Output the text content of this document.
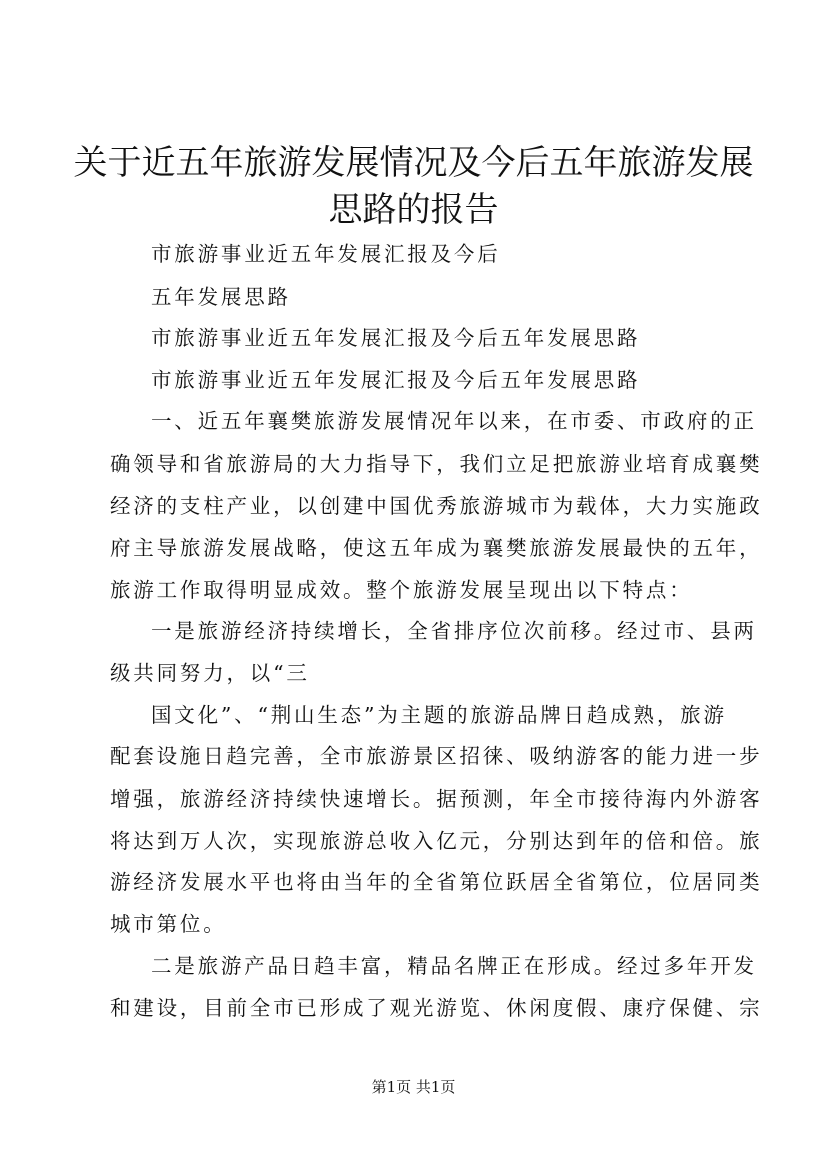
关于近五年旅游发展情况及今后五年旅游发展
思路的报告
市旅游事业近五年发展汇报及今后
五年发展思路
市旅游事业近五年发展汇报及今后五年发展思路
市旅游事业近五年发展汇报及今后五年发展思路
一、近五年襄樊旅游发展情况年以来，在市委、市政府的正
确领导和省旅游局的大力指导下，我们立足把旅游业培育成襄樊
经济的支柱产业，以创建中国优秀旅游城市为载体，大力实施政
府主导旅游发展战略，使这五年成为襄樊旅游发展最快的五年，
旅游工作取得明显成效。整个旅游发展呈现出以下特点：
一是旅游经济持续增长，全省排序位次前移。经过市、县两
级共同努力，以“三
国文化”、“荆山生态”为主题的旅游品牌日趋成熟，旅游
配套设施日趋完善，全市旅游景区招徕、吸纳游客的能力进一步
增强，旅游经济持续快速增长。据预测，年全市接待海内外游客
将达到万人次，实现旅游总收入亿元，分别达到年的倍和倍。旅
游经济发展水平也将由当年的全省第位跃居全省第位，位居同类
城市第位。
二是旅游产品日趋丰富，精品名牌正在形成。经过多年开发
和建设，目前全市已形成了观光游览、休闲度假、康疗保健、宗
第1页 共1页
